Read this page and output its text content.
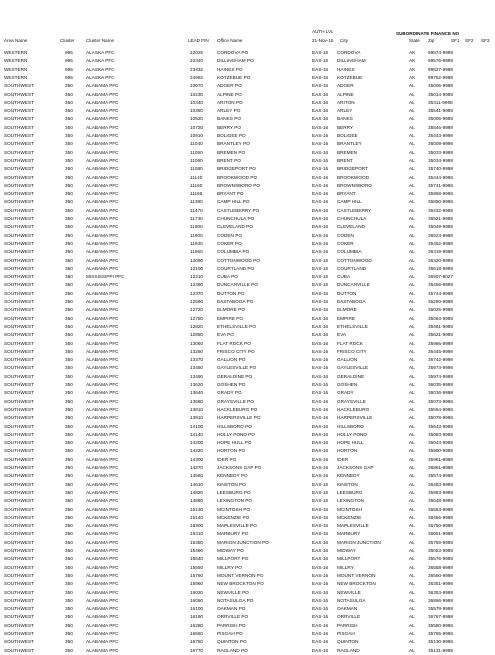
AUTH LVL	SUBORDINATE FINANCE NO
Area Name	Cluster Cluster Name	LEAD FIN Office Name	21-Nov-15 City	State Zip	SF1 SF2 SF3
WESTERN	995	ALASKA PFC	22026	CORDOVA PO	EAS-16 CORDOVA	AK	99574-9998
WESTERN	995	ALASKA PFC	22340	DILLINGHAM PO	EAS-16 DILLINGHAM	AK	99576-9998
WESTERN	995	ALASKA PFC	23432	HAINES PO	EAS-16 HAINES	AK	99827-9998
WESTERN	995	ALASKA PFC	24992	KOTZEBUE PO	EAS-16 KOTZEBUE	AK	99752-9998
SOUTHWEST	350	ALABAMA PFC	10070	ADGER PO	EAS-16 ADGER	AL	35006-9998
SOUTHWEST	350	ALABAMA PFC	10230	ALPINE PO	EAS-16 ALPINE	AL	35014-9998
SOUTHWEST	350	ALABAMA PFC	10340	ARITON PO	EAS-16 ARITON	AL	36311-9998
SOUTHWEST	350	ALABAMA PFC	10360	ARLEY PO	EAS-16 ARLEY	AL	35541-9998
SOUTHWEST	350	ALABAMA PFC	10520	BANKS PO	EAS-16 BANKS	AL	36005-9998
SOUTHWEST	350	ALABAMA PFC	10730	BERRY PO	EAS-16 BERRY	AL	35546-9998
SOUTHWEST	350	ALABAMA PFC	10910	BOLIGEE PO	EAS-16 BOLIGEE	AL	35443-9998
SOUTHWEST	350	ALABAMA PFC	11040	BRANTLEY PO	EAS-16 BRANTLEY	AL	36009-9998
SOUTHWEST	350	ALABAMA PFC	11050	BREMEN PO	EAS-16 BREMEN	AL	35033-9998
SOUTHWEST	350	ALABAMA PFC	11060	BRENT PO	EAS-16 BRENT	AL	35034-9998
SOUTHWEST	360	ALABAMA PFC	11080	BRIDGEPORT PO	EAS-16 BRIDGEPORT	AL	35740-9998
SOUTHWEST	350	ALABAMA PFC	11140	BROOKWOOD PO	EAS-16 BROOKWOOD	AL	35444-9998
SOUTHWEST	350	ALABAMA PFC	11160	BROWNSBORO PO	EAS-16 BROWNSBORO	AL	35741-9998
SOUTHWEST	350	ALABAMA PFC	11165	BRYANT PO	EAS-16 BRYANT	AL	35958-9998
SOUTHWEST	350	ALABAMA PFC	11380	CAMP HILL PO	EAS-16 CAMP HILL	AL	36850-9998
SOUTHWEST	350	ALABAMA PFC	11470	CASTLEBERRY PO	EAS-16 CASTLEBERRY	AL	36432-9998
SOUTHWEST	350	ALABAMA PFC	11730	CHUNCHULA PO	EAS-16 CHUNCHULA	AL	36521-9998
SOUTHWEST	350	ALABAMA PFC	11800	CLEVELAND PO	EAS-16 CLEVELAND	AL	35049-9998
SOUTHWEST	350	ALABAMA PFC	11900	CODEN PO	EAS-16 CODEN	AL	36523-9998
SOUTHWEST	350	ALABAMA PFC	11930	COKER PO	EAS-16 COKER	AL	35452-9998
SOUTHWEST	350	ALABAMA PFC	11960	COLUMBIA PO	EAS-16 COLUMBIA	AL	36319-9998
SOUTHWEST	350	ALABAMA PFC	12090	COTTONWOOD PO	EAS-16 COTTONWOOD	AL	36320-9998
SOUTHWEST	350	ALABAMA PFC	12100	COURTLAND PO	EAS-16 COURTLAND	AL	35618-9998
SOUTHWEST	380	MISSISSIPPI PFC	12210	CUBA PO	EAS-16 CUBA	AL	36907-9027
SOUTHWEST	350	ALABAMA PFC	12360	DUNCANVILLE PO	EAS-16 DUNCANVILLE	AL	35456-9998
SOUTHWEST	350	ALABAMA PFC	12370	DUTTON PO	EAS-16 DUTTON	AL	35744-9998
SOUTHWEST	350	ALABAMA PFC	12590	EASTABOGA PO	EAS-16 EASTABOGA	AL	36260-9998
SOUTHWEST	350	ALABAMA PFC	12720	ELMORE PO	EAS-16 ELMORE	AL	36025-9998
SOUTHWEST	350	ALABAMA PFC	12750	EMPIRE PO	EAS-16 EMPIRE	AL	35063-9998
SOUTHWEST	350	ALABAMA PFC	12820	ETHELSVILLE PO	EAS-16 ETHELSVILLE	AL	35461-9998
SOUTHWEST	350	ALABAMA PFC	12850	EVA PO	EAS-16 EVA	AL	35621-9998
SOUTHWEST	350	ALABAMA PFC	13060	FLAT ROCK PO	EAS-16 FLAT ROCK	AL	35966-9998
SOUTHWEST	350	ALABAMA PFC	13260	FRISCO CITY PO	EAS-16 FRISCO CITY	AL	36445-9998
SOUTHWEST	350	ALABAMA PFC	13370	GALLION PO	EAS-16 GALLION	AL	36742-9998
SOUTHWEST	350	ALABAMA PFC	13450	GAYLESVILLE PO	EAS-16 GAYLESVILLE	AL	35973-9998
SOUTHWEST	350	ALABAMA PFC	13490	GERALDINE PO	EAS-16 GERALDINE	AL	35974-9998
SOUTHWEST	350	ALABAMA PFC	13620	GOSHEN PO	EAS-16 GOSHEN	AL	36035-9998
SOUTHWEST	350	ALABAMA PFC	13640	GRADY PO	EAS-16 GRADY	AL	36036-9998
SOUTHWEST	350	ALABAMA PFC	13680	GRAYSVILLE PO	EAS-16 GRAYSVILLE	AL	35073-9998
SOUTHWEST	350	ALABAMA PFC	13810	HACKLEBURG PO	EAS-16 HACKLEBURG	AL	35564-9998
SOUTHWEST	350	ALABAMA PFC	13910	HARPERSVILLE PO	EAS-16 HARPERSVILLE	AL	35078-9998
SOUTHWEST	350	ALABAMA PFC	14100	HILLSBORO PO	EAS-16 HILLSBORO	AL	35643-9998
SOUTHWEST	350	ALABAMA PFC	14140	HOLLY POND PO	EAS-16 HOLLY POND	AL	35083-9998
SOUTHWEST	350	ALABAMA PFC	14200	HOPE HULL PO	EAS-16 HOPE HULL	AL	36043-9998
SOUTHWEST	350	ALABAMA PFC	14220	HORTON PO	EAS-16 HORTON	AL	35980-9998
SOUTHWEST	350	ALABAMA PFC	14300	IDER PO	EAS-16 IDER	AL	35981-9998
SOUTHWEST	350	ALABAMA PFC	14370	JACKSONS GAP PO	EAS-16 JACKSONS GAP	AL	36861-9998
SOUTHWEST	350	ALABAMA PFC	14560	KENNEDY PO	EAS-16 KENNEDY	AL	35574-9998
SOUTHWEST	350	ALABAMA PFC	14610	KINSTON PO	EAS-16 KINSTON	AL	36453-9998
SOUTHWEST	350	ALABAMA PFC	14820	LEESBURG PO	EAS-16 LEESBURG	AL	35983-9998
SOUTHWEST	350	ALABAMA PFC	14880	LEXINGTON PO	EAS-16 LEXINGTON	AL	35648-9998
SOUTHWEST	350	ALABAMA PFC	15130	MCINTOSH PO	EAS-16 MCINTOSH	AL	36553-9998
SOUTHWEST	350	ALABAMA PFC	15140	MCKENZIE PO	EAS-16 MCKENZIE	AL	36456-9998
SOUTHWEST	350	ALABAMA PFC	15300	MAPLESVILLE PO	EAS-16 MAPLESVILLE	AL	36750-9998
SOUTHWEST	350	ALABAMA PFC	15310	MARBURY PO	EAS-16 MARBURY	AL	36051-9998
SOUTHWEST	350	ALABAMA PFC	15350	MARION JUNCTION PO	EAS-16 MARION JUNCTION	AL	36759-9998
SOUTHWEST	350	ALABAMA PFC	15490	MIDWAY PO	EAS-16 MIDWAY	AL	36053-9998
SOUTHWEST	350	ALABAMA PFC	15540	MILLPORT PO	EAS-16 MILLPORT	AL	35576-9998
SOUTHWEST	350	ALABAMA PFC	15550	MILLRY PO	EAS-16 MILLRY	AL	36558-9998
SOUTHWEST	350	ALABAMA PFC	15760	MOUNT VERNON PO	EAS-16 MOUNT VERNON	AL	36560-9998
SOUTHWEST	350	ALABAMA PFC	15960	NEW BROCKTON PO	EAS-16 NEW BROCKTON	AL	36351-9998
SOUTHWEST	350	ALABAMA PFC	16020	NEWVILLE PO	EAS-16 NEWVILLE	AL	36353-9998
SOUTHWEST	350	ALABAMA PFC	16060	NOTASULGA PO	EAS-16 NOTASULGA	AL	36866-9998
SOUTHWEST	350	ALABAMA PFC	16100	OAKMAN PO	EAS-16 OAKMAN	AL	35579-9998
SOUTHWEST	350	ALABAMA PFC	16190	ORRVILLE PO	EAS-16 ORRVILLE	AL	36767-9998
SOUTHWEST	350	ALABAMA PFC	16280	PARRISH PO	EAS-16 PARRISH	AL	35580-9998
SOUTHWEST	350	ALABAMA PFC	16560	PISGAH PO	EAS-16 PISGAH	AL	35765-9998
SOUTHWEST	350	ALABAMA PFC	16750	QUINTON PO	EAS-16 QUINTON	AL	35130-9998
SOUTHWEST	350	ALABAMA PFC	16770	RAGLAND PO	EAS-16 RAGLAND	AL	35131-9998
